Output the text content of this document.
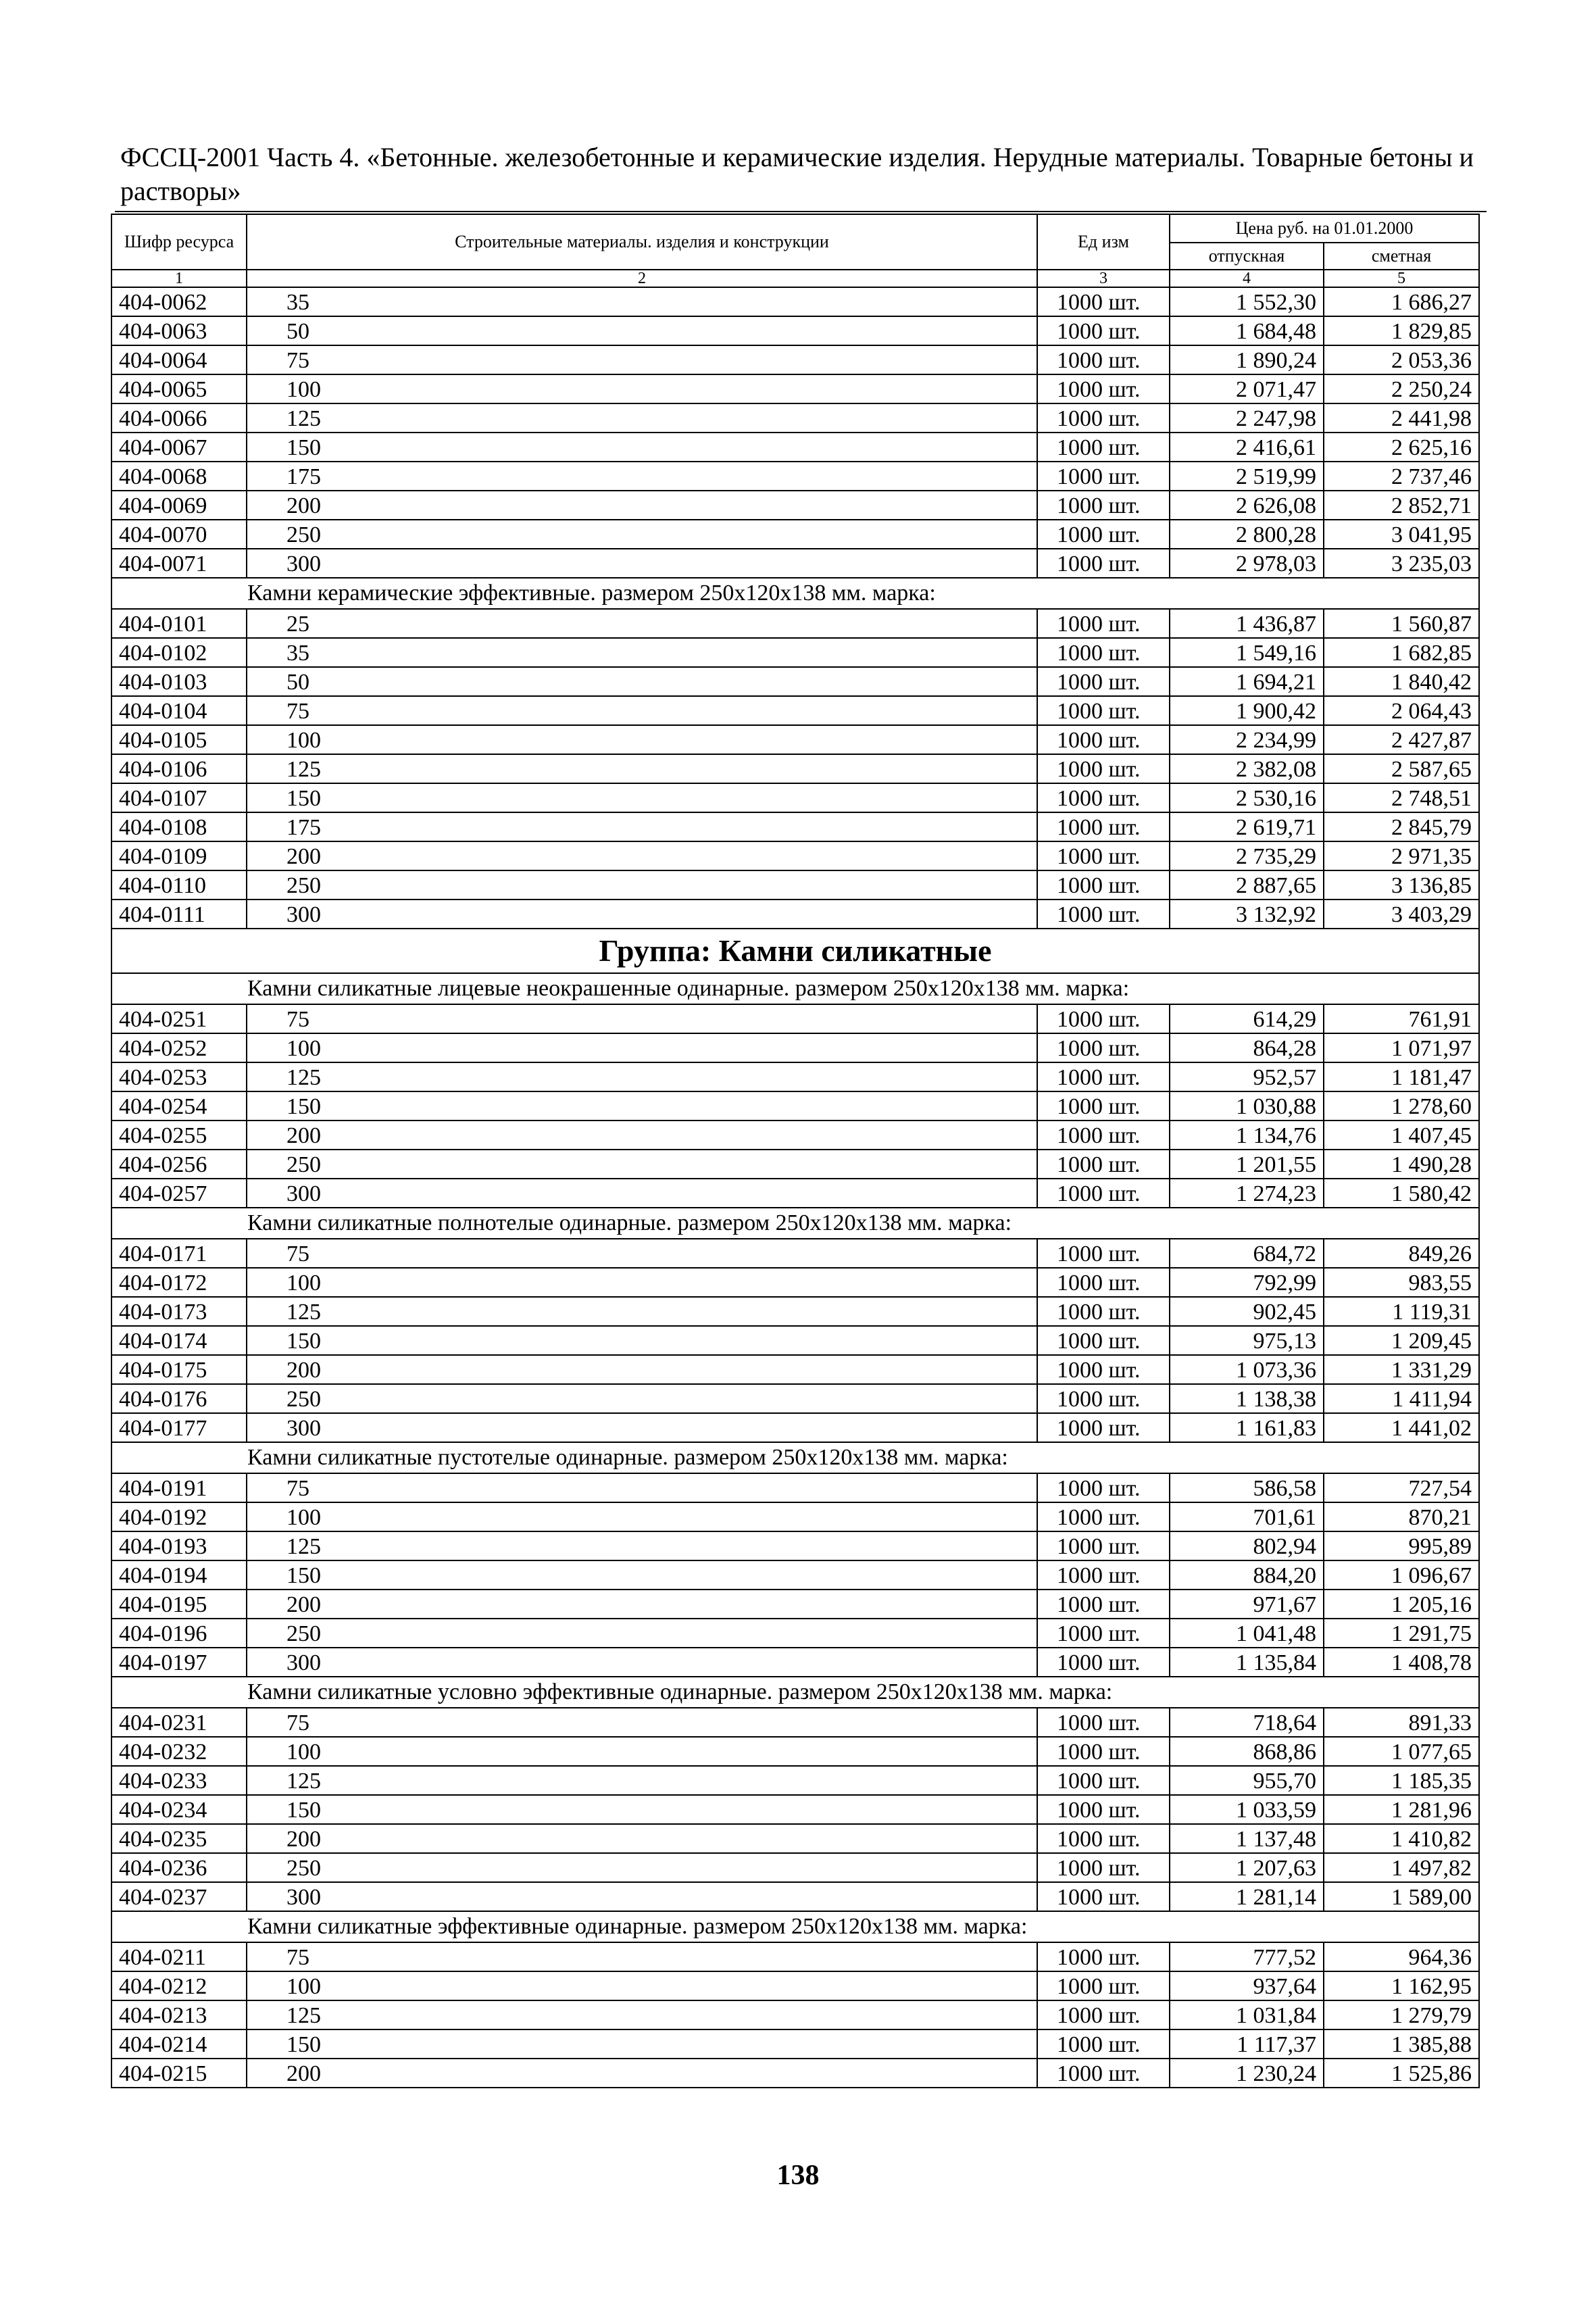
ФССЦ-2001 Часть 4. «Бетонные. железобетонные и керамические изделия. Нерудные материалы. Товарные бетоны и растворы»
Шифр ресурса	Строительные материалы. изделия и конструкции	Ед изм	Цена руб. на 01.01.2000	
			отпускная	сметная
1	2	3	4	5
404-0062	35	1000 шт.	1 552,30	1 686,27
404-0063	50	1000 шт.	1 684,48	1 829,85
404-0064	75	1000 шт.	1 890,24	2 053,36
404-0065	100	1000 шт.	2 071,47	2 250,24
404-0066	125	1000 шт.	2 247,98	2 441,98
404-0067	150	1000 шт.	2 416,61	2 625,16
404-0068	175	1000 шт.	2 519,99	2 737,46
404-0069	200	1000 шт.	2 626,08	2 852,71
404-0070	250	1000 шт.	2 800,28	3 041,95
404-0071	300	1000 шт.	2 978,03	3 235,03
Камни керамические эффективные. размером 250х120х138 мм. марка:				
404-0101	25	1000 шт.	1 436,87	1 560,87
404-0102	35	1000 шт.	1 549,16	1 682,85
404-0103	50	1000 шт.	1 694,21	1 840,42
404-0104	75	1000 шт.	1 900,42	2 064,43
404-0105	100	1000 шт.	2 234,99	2 427,87
404-0106	125	1000 шт.	2 382,08	2 587,65
404-0107	150	1000 шт.	2 530,16	2 748,51
404-0108	175	1000 шт.	2 619,71	2 845,79
404-0109	200	1000 шт.	2 735,29	2 971,35
404-0110	250	1000 шт.	2 887,65	3 136,85
404-0111	300	1000 шт.	3 132,92	3 403,29
Группа: Камни силикатные				
Камни силикатные лицевые неокрашенные одинарные. размером 250х120х138 мм. марка:				
404-0251	75	1000 шт.	614,29	761,91
404-0252	100	1000 шт.	864,28	1 071,97
404-0253	125	1000 шт.	952,57	1 181,47
404-0254	150	1000 шт.	1 030,88	1 278,60
404-0255	200	1000 шт.	1 134,76	1 407,45
404-0256	250	1000 шт.	1 201,55	1 490,28
404-0257	300	1000 шт.	1 274,23	1 580,42
Камни силикатные полнотелые одинарные. размером 250х120х138 мм. марка:				
404-0171	75	1000 шт.	684,72	849,26
404-0172	100	1000 шт.	792,99	983,55
404-0173	125	1000 шт.	902,45	1 119,31
404-0174	150	1000 шт.	975,13	1 209,45
404-0175	200	1000 шт.	1 073,36	1 331,29
404-0176	250	1000 шт.	1 138,38	1 411,94
404-0177	300	1000 шт.	1 161,83	1 441,02
Камни силикатные пустотелые одинарные. размером 250х120х138 мм. марка:				
404-0191	75	1000 шт.	586,58	727,54
404-0192	100	1000 шт.	701,61	870,21
404-0193	125	1000 шт.	802,94	995,89
404-0194	150	1000 шт.	884,20	1 096,67
404-0195	200	1000 шт.	971,67	1 205,16
404-0196	250	1000 шт.	1 041,48	1 291,75
404-0197	300	1000 шт.	1 135,84	1 408,78
Камни силикатные условно эффективные одинарные. размером 250х120х138 мм. марка:				
404-0231	75	1000 шт.	718,64	891,33
404-0232	100	1000 шт.	868,86	1 077,65
404-0233	125	1000 шт.	955,70	1 185,35
404-0234	150	1000 шт.	1 033,59	1 281,96
404-0235	200	1000 шт.	1 137,48	1 410,82
404-0236	250	1000 шт.	1 207,63	1 497,82
404-0237	300	1000 шт.	1 281,14	1 589,00
Камни силикатные эффективные одинарные. размером 250х120х138 мм. марка:				
404-0211	75	1000 шт.	777,52	964,36
404-0212	100	1000 шт.	937,64	1 162,95
404-0213	125	1000 шт.	1 031,84	1 279,79
404-0214	150	1000 шт.	1 117,37	1 385,88
404-0215	200	1000 шт.	1 230,24	1 525,86
138
